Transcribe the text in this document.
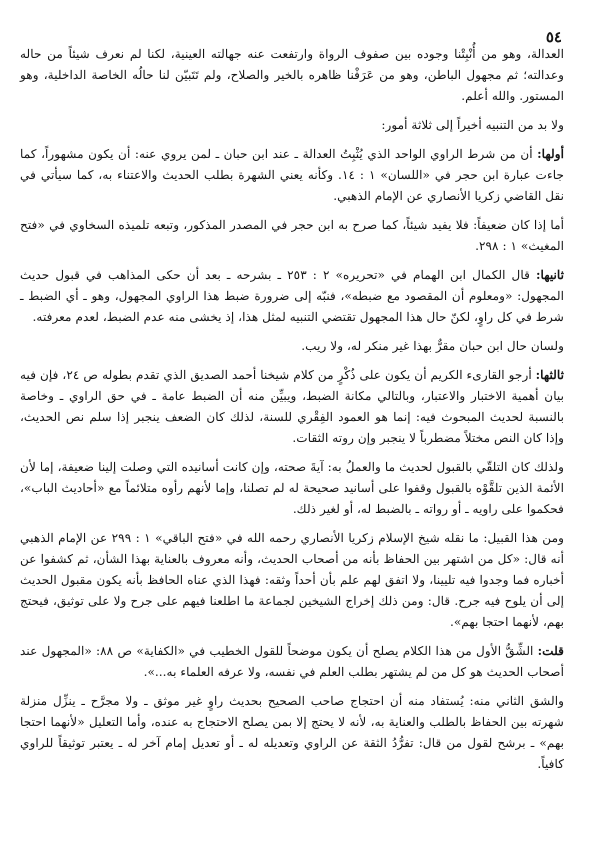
٥٤

العدالة، وهو من أُنْبِتْنا وجوده بين صفوف الرواة وارتفعت عنه جهالته العينية، لكنا لم نعرف شيئاً من حاله وعدالته؛ ثم مجهول الباطن، وهو من عَرَفْنا ظاهره بالخير والصلاح، ولم تَتَبيّن لنا حالُه الخاصة الداخلية، وهو المستور. والله أعلم.

ولا بد من التنبيه أخيراً إلى ثلاثة أمور:

أولها: أن من شرط الراوي الواحد الذي يُثْبِتُ العدالة ـ عند ابن حبان ـ لمن يروي عنه: أن يكون مشهوراً، كما جاءت عبارة ابن حجر في «اللسان» ١ : ١٤. وكأنه يعني الشهرة بطلب الحديث والاعتناء به، كما سيأتي في نقل القاضي زكريا الأنصاري عن الإمام الذهبي.

أما إذا كان ضعيفاً: فلا يفيد شيئاً، كما صرح به ابن حجر في المصدر المذكور، وتبعه تلميذه السخاوي في «فتح المغيث» ١ : ٢٩٨.

ثانيها: قال الكمال ابن الهمام في «تحريره» ٢ : ٢٥٣ ـ بشرحه ـ بعد أن حكى المذاهب في قبول حديث المجهول: «ومعلوم أن المقصود مع ضبطه»، فنبّه إلى ضرورة ضبط هذا الراوي المجهول، وهو ـ أي الضبط ـ شرط في كل راوٍ، لكنّ حال هذا المجهول تقتضي التنبيه لمثل هذا، إذ يخشى منه عدم الضبط، لعدم معرفته.

ولسان حال ابن حبان مقرٌّ بهذا غير منكر له، ولا ريب.

ثالثها: أرجو القارىء الكريم أن يكون على ذُكْرٍ من كلام شيخنا أحمد الصديق الذي تقدم بطوله ص ٢٤، فإن فيه بيان أهمية الاختبار والاعتبار، وبالتالي مكانة الضبط، ويبيِّن منه أن الضبط عامة ـ في حق الراوي ـ وخاصة بالنسبة لحديث المبحوث فيه: إنما هو العمود الفِقْري للسنة، لذلك كان الضعف ينجبر إذا سلم نص الحديث، وإذا كان النص مختلاً مضطرباً لا ينجبر وإن روته الثقات.

ولذلك كان التلقّي بالقبول لحديث ما والعملُ به: آيةَ صحته، وإن كانت أسانيده التي وصلت إلينا ضعيفة، إما لأن الأئمة الذين تلقَّوْه بالقبول وقفوا على أسانيد صحيحة له لم تصلنا، وإما لأنهم رأوه متلائماً مع «أحاديث الباب»، فحكموا على راويه ـ أو رواته ـ بالضبط له، أو لغير ذلك.

ومن هذا القبيل: ما نقله شيخ الإسلام زكريا الأنصاري رحمه الله في «فتح الباقي» ١ : ٢٩٩ عن الإمام الذهبي أنه قال: «كل من اشتهر بين الحفاظ بأنه من أصحاب الحديث، وأنه معروف بالعناية بهذا الشأن، ثم كشفوا عن أخباره فما وجدوا فيه تليينا، ولا اتفق لهم علم بأن أحداً وثقه: فهذا الذي عناه الحافظ بأنه يكون مقبول الحديث إلى أن يلوح فيه جرح. قال: ومن ذلك إخراج الشيخين لجماعة ما اطلعنا فيهم على جرح ولا على توثيق، فيحتج بهم، لأنهما احتجا بهم».

قلت: الشِّقُّ الأول من هذا الكلام يصلح أن يكون موضحاً للقول الخطيب في «الكفاية» ص ٨٨: «المجهول عند أصحاب الحديث هو كل من لم يشتهر بطلب العلم في نفسه، ولا عرفه العلماء به...».

والشق الثاني منه: يُستفاد منه أن احتجاج صاحب الصحيح بحديث راوٍ غير موثق ـ ولا مجرَّح ـ ينزِّل منزلة شهرته بين الحفاظ بالطلب والعناية به، لأنه لا يحتج إلا بمن يصلح الاحتجاج به عنده، وأما التعليل «لأنهما احتجا بهم» ـ برشح لقول من قال: تفرُّدُ الثقة عن الراوي وتعديله له ـ أو تعديل إمام آخر له ـ يعتبر توثيقاً للراوي كافياً.
